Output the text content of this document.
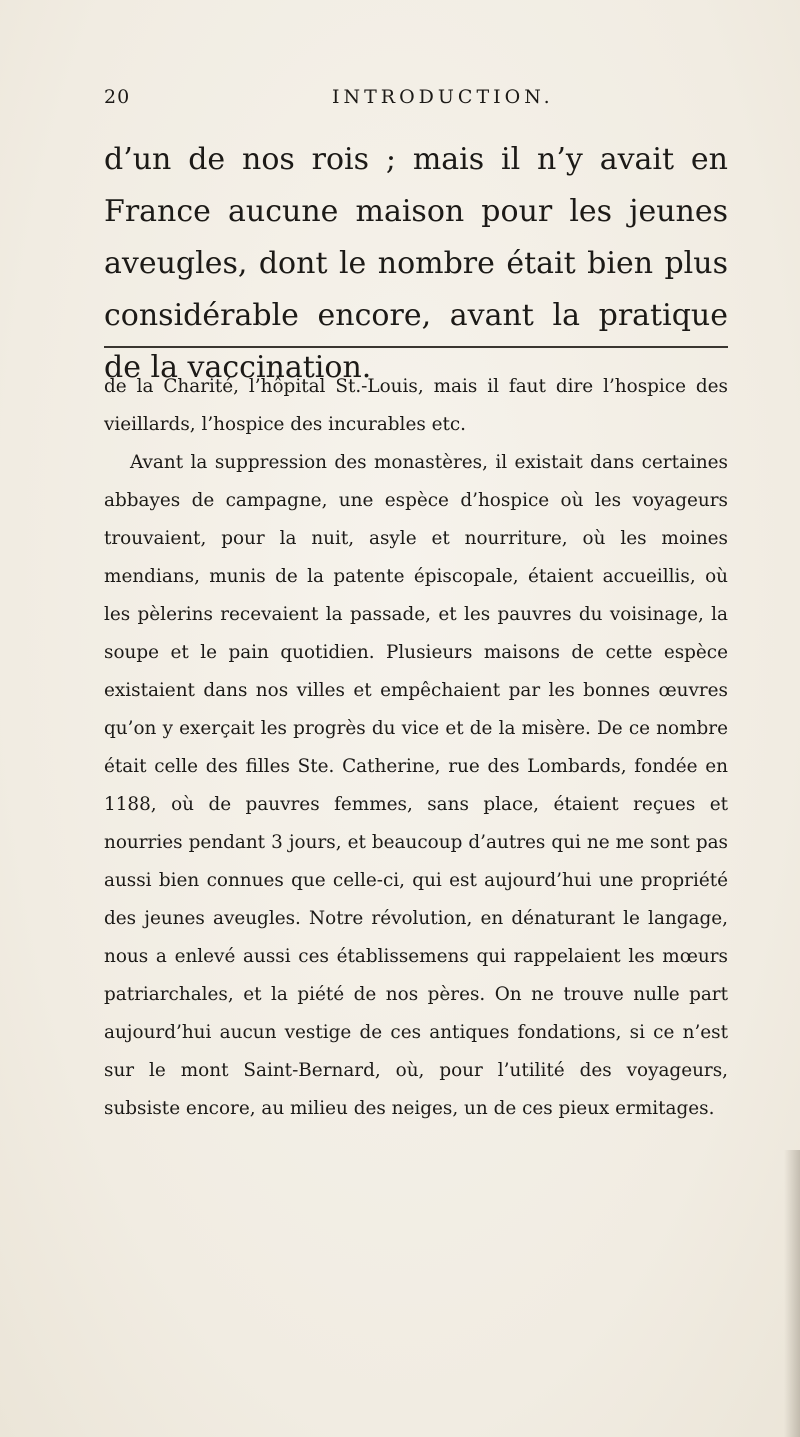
20	INTRODUCTION.

d’un de nos rois ; mais il n’y avait en France aucune maison pour les jeunes aveugles, dont le nombre était bien plus considérable encore, avant la pratique de la vaccination.

de la Charité, l’hôpital St.-Louis, mais il faut dire l’hospice des vieillards, l’hospice des incurables etc.
Avant la suppression des monastères, il existait dans certaines abbayes de campagne, une espèce d’hospice où les voyageurs trouvaient, pour la nuit, asyle et nourriture, où les moines mendians, munis de la patente épiscopale, étaient accueillis, où les pèlerins recevaient la passade, et les pauvres du voisinage, la soupe et le pain quotidien. Plusieurs maisons de cette espèce existaient dans nos villes et empêchaient par les bonnes œuvres qu’on y exerçait les progrès du vice et de la misère. De ce nombre était celle des filles Ste. Catherine, rue des Lombards, fondée en 1188, où de pauvres femmes, sans place, étaient reçues et nourries pendant 3 jours, et beaucoup d’autres qui ne me sont pas aussi bien connues que celle-ci, qui est aujourd’hui une propriété des jeunes aveugles. Notre révolution, en dénaturant le langage, nous a enlevé aussi ces établissemens qui rappelaient les mœurs patriarchales, et la piété de nos pères. On ne trouve nulle part aujourd’hui aucun vestige de ces antiques fondations, si ce n’est sur le mont Saint-Bernard, où, pour l’utilité des voyageurs, subsiste encore, au milieu des neiges, un de ces pieux ermitages.
